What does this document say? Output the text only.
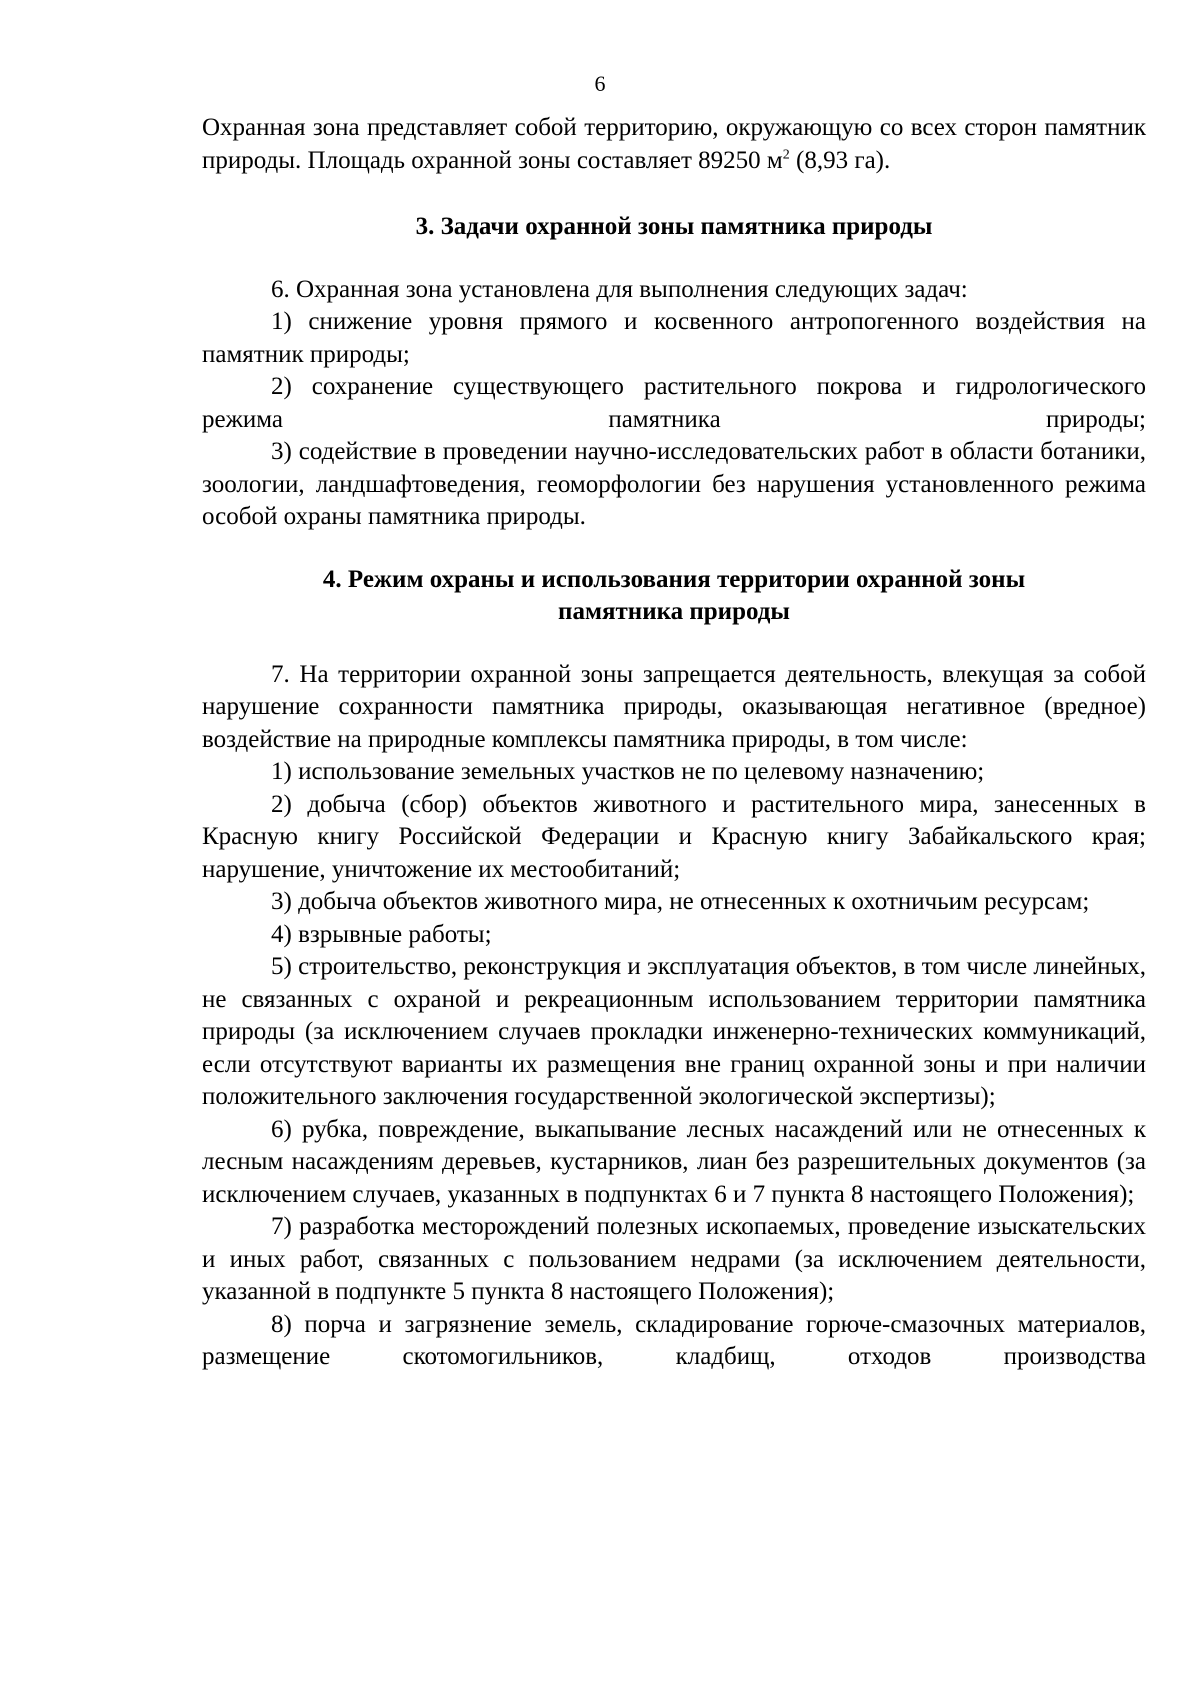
6

Охранная зона представляет собой территорию, окружающую со всех сторон памятник природы. Площадь охранной зоны составляет 89250 $м^2$ (8,93 га).

3. Задачи охранной зоны памятника природы

6. Охранная зона установлена для выполнения следующих задач:

1) снижение уровня прямого и косвенного антропогенного воздействия на памятник природы;

2) сохранение существующего растительного покрова и гидрологического режима памятника природы;

3) содействие в проведении научно-исследовательских работ в области ботаники, зоологии, ландшафтоведения, геоморфологии без нарушения установленного режима особой охраны памятника природы.

4. Режим охраны и использования территории охранной зоны

памятника природы

7. На территории охранной зоны запрещается деятельность, влекущая за собой нарушение сохранности памятника природы, оказывающая негативное (вредное) воздействие на природные комплексы памятника природы, в том числе:

1) использование земельных участков не по целевому назначению;

2) добыча (сбор) объектов животного и растительного мира, занесенных в Красную книгу Российской Федерации и Красную книгу Забайкальского края; нарушение, уничтожение их местообитаний;

3) добыча объектов животного мира, не отнесенных к охотничьим ресурсам;

4) взрывные работы;

5) строительство, реконструкция и эксплуатация объектов, в том числе линейных, не связанных с охраной и рекреационным использованием территории памятника природы (за исключением случаев прокладки инженерно-технических коммуникаций, если отсутствуют варианты их размещения вне границ охранной зоны и при наличии положительного заключения государственной экологической экспертизы);

6) рубка, повреждение, выкапывание лесных насаждений или не отнесенных к лесным насаждениям деревьев, кустарников, лиан без разрешительных документов (за исключением случаев, указанных в подпунктах 6 и 7 пункта 8 настоящего Положения);

7) разработка месторождений полезных ископаемых, проведение изыскательских и иных работ, связанных с пользованием недрами (за исключением деятельности, указанной в подпункте 5 пункта 8 настоящего Положения);

8) порча и загрязнение земель, складирование горюче-смазочных материалов, размещение скотомогильников, кладбищ, отходов производства
